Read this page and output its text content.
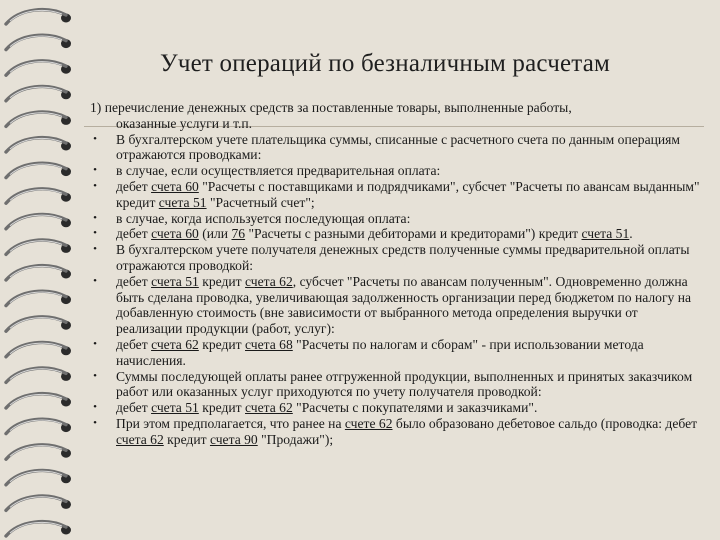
Учет операций по безналичным расчетам
1) перечисление денежных средств за поставленные товары, выполненные работы,
оказанные услуги и т.п.
• В бухгалтерском учете плательщика суммы, списанные с расчетного счета по данным операциям отражаются проводками:
• в случае, если осуществляется предварительная оплата:
• дебет счета 60 "Расчеты с поставщиками и подрядчиками", субсчет "Расчеты по авансам выданным" кредит счета 51 "Расчетный счет";
• в случае, когда используется последующая оплата:
• дебет счета 60 (или 76 "Расчеты с разными дебиторами и кредиторами") кредит счета 51.
• В бухгалтерском учете получателя денежных средств полученные суммы предварительной оплаты отражаются проводкой:
• дебет счета 51 кредит счета 62, субсчет "Расчеты по авансам полученным". Одновременно должна быть сделана проводка, увеличивающая задолженность организации перед бюджетом по налогу на добавленную стоимость (вне зависимости от выбранного метода определения выручки от реализации продукции (работ, услуг):
• дебет счета 62 кредит счета 68 "Расчеты по налогам и сборам" - при использовании метода начисления.
• Суммы последующей оплаты ранее отгруженной продукции, выполненных и принятых заказчиком работ или оказанных услуг приходуются по учету получателя проводкой:
• дебет счета 51 кредит счета 62 "Расчеты с покупателями и заказчиками".
• При этом предполагается, что ранее на счете 62 было образовано дебетовое сальдо (проводка: дебет счета 62 кредит счета 90 "Продажи");
